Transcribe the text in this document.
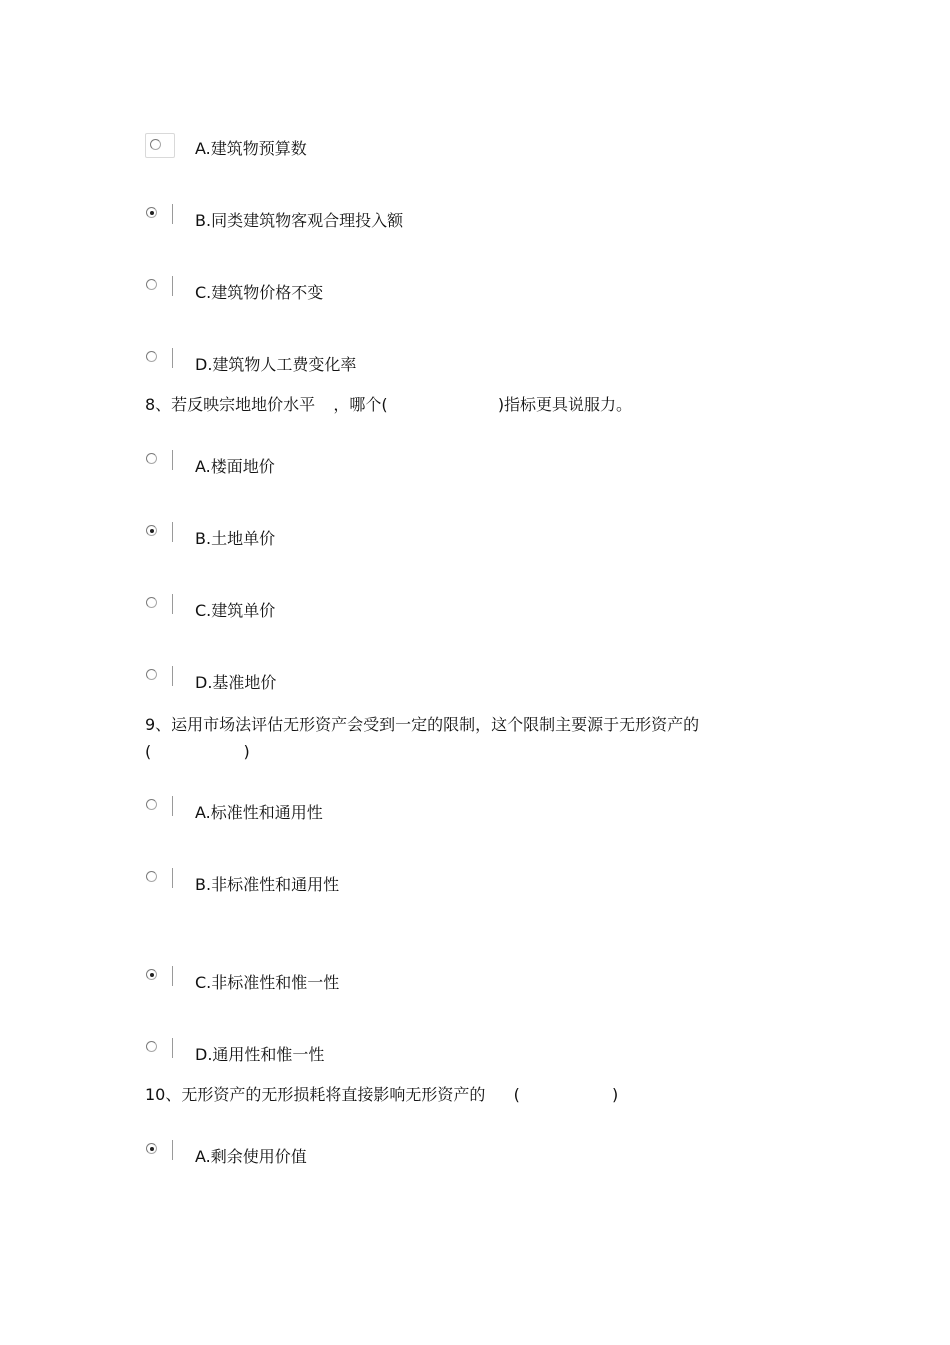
A.建筑物预算数
B.同类建筑物客观合理投入额
C.建筑物价格不变
D.建筑物人工费变化率
8、若反映宗地地价水平 ，哪个(	)指标更具说服力。
A.楼面地价
B.土地单价
C.建筑单价
D.基准地价
9、运用市场法评估无形资产会受到一定的限制，这个限制主要源于无形资产的
(	)
A.标准性和通用性
B.非标准性和通用性
C.非标准性和惟一性
D.通用性和惟一性
10、无形资产的无形损耗将直接影响无形资产的 (	)
A.剩余使用价值
